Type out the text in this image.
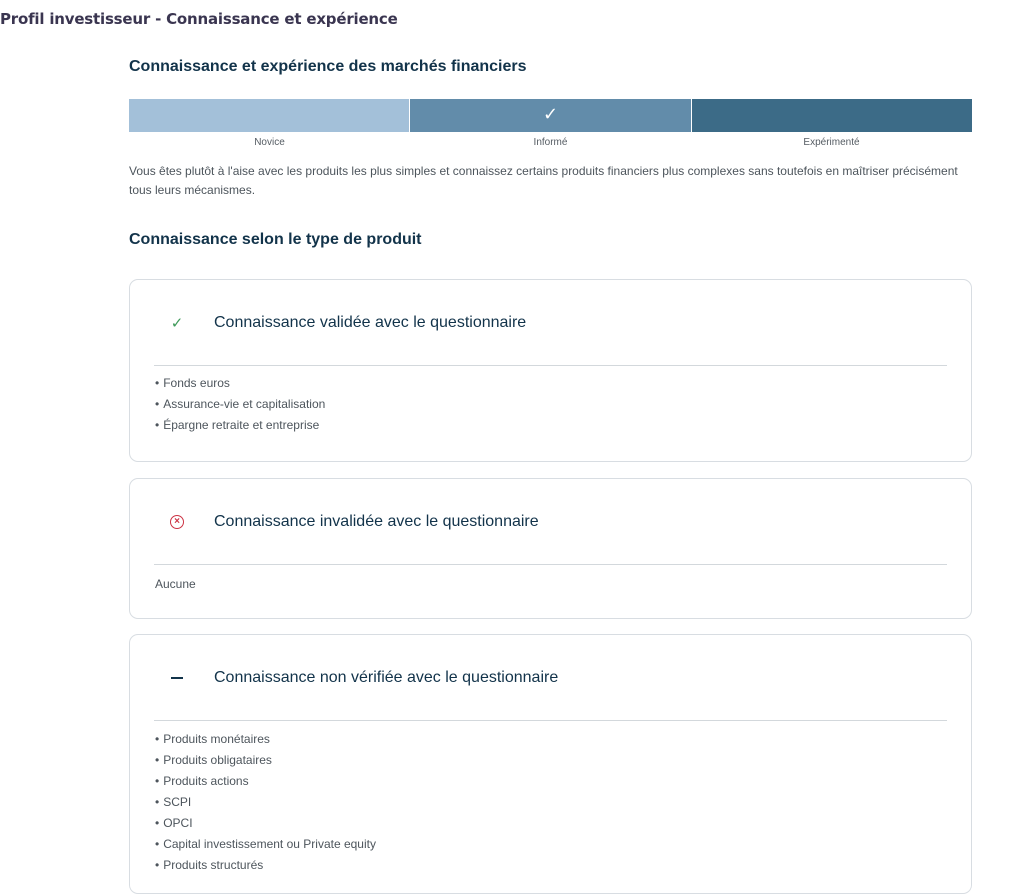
Profil investisseur - Connaissance et expérience
Connaissance et expérience des marchés financiers
✓
Novice	Informé	Expérimenté
Vous êtes plutôt à l'aise avec les produits les plus simples et connaissez certains produits financiers plus complexes sans toutefois en maîtriser précisément tous leurs mécanismes.
Connaissance selon le type de produit
✓ Connaissance validée avec le questionnaire
• Fonds euros
• Assurance-vie et capitalisation
• Épargne retraite et entreprise
× Connaissance invalidée avec le questionnaire
Aucune
Connaissance non vérifiée avec le questionnaire
• Produits monétaires
• Produits obligataires
• Produits actions
• SCPI
• OPCI
• Capital investissement ou Private equity
• Produits structurés
